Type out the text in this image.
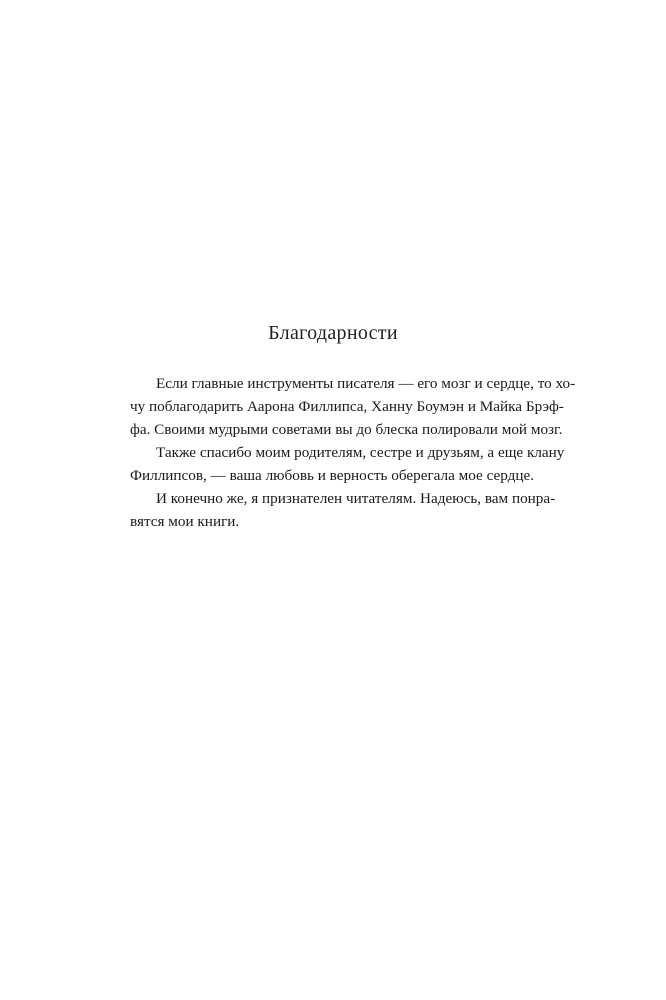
Благодарности
Если главные инструменты писателя — его мозг и сердце, то хо-
чу поблагодарить Аарона Филлипса, Ханну Боумэн и Майка Брэф-
фа. Своими мудрыми советами вы до блеска полировали мой мозг.
Также спасибо моим родителям, сестре и друзьям, а еще клану
Филлипсов, — ваша любовь и верность оберегала мое сердце.
И конечно же, я признателен читателям. Надеюсь, вам понра-
вятся мои книги.
